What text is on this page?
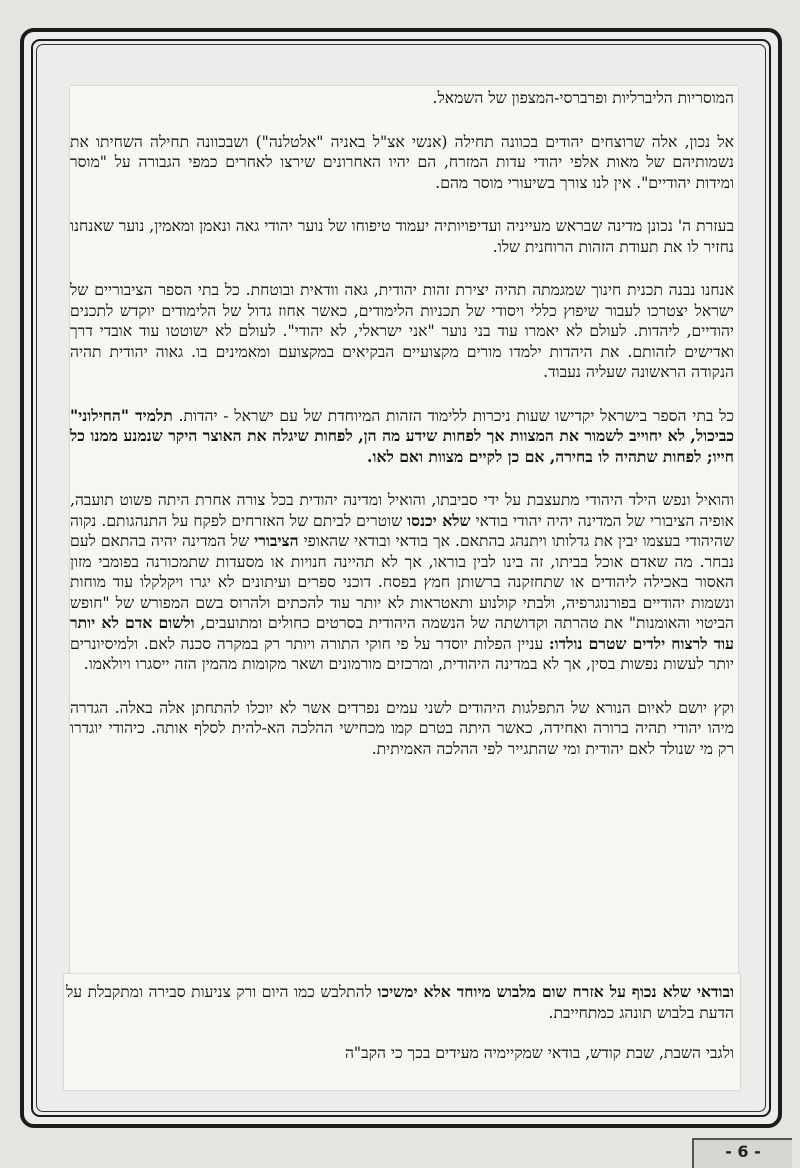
המוסריות הליברליות ופרברסי-המצפון של השמאל.

אל נכון, אלה שרוצחים יהודים בכוונה תחילה (אנשי אצ"ל באניה "אלטלנה") ושבכוונה תחילה השחיתו את נשמותיהם של מאות אלפי יהודי עדות המזרח, הם יהיו האחרונים שירצו לאחרים כמפי הגבורה על "מוסר ומידות יהודיים". אין לנו צורך בשיעורי מוסר מהם.

בעזרת ה' נכונן מדינה שבראש מעייניה ועדיפויותיה יעמוד טיפוחו של נוער יהודי גאה ונאמן ומאמין, נוער שאנחנו נחזיר לו את תעודת הזהות הרוחנית שלו.

אנחנו נבנה תכנית חינוך שמגמתה תהיה יצירת זהות יהודית, גאה וודאית ובוטחת. כל בתי הספר הציבוריים של ישראל יצטרכו לעבור שיפוץ כללי ויסודי של תכניות הלימודים, כאשר אחוז גדול של הלימודים יוקדש לתכנים יהודיים, ליהדות. לעולם לא יאמרו עוד בני נוער "אני ישראלי, לא יהודי". לעולם לא ישוטטו עוד אובדי דרך ואדישים לזהותם. את היהדות ילמדו מורים מקצועיים הבקיאים במקצועם ומאמינים בו. גאוה יהודית תהיה הנקודה הראשונה שעליה נעבוד.

כל בתי הספר בישראל יקדישו שעות ניכרות ללימוד הזהות המיוחדת של עם ישראל - יהדות. תלמיד "החילוני" כביכול, לא יחוייב לשמור את המצוות אך לפחות שידע מה הן, לפחות שיגלה את האוצר היקר שנמנע ממנו כל חייו; לפחות שתהיה לו בחירה, אם כן לקיים מצוות ואם לאו.

והואיל ונפש הילד היהודי מתעצבת על ידי סביבתו, והואיל ומדינה יהודית בכל צורה אחרת היתה פשוט תועבה, אופיה הציבורי של המדינה יהיה יהודי בודאי שלא יכנסו שוטרים לביתם של האזרחים לפקח על התנהגותם. נקוה שהיהודי בעצמו יבין את גדלותו ויתנהג בהתאם. אך בודאי ובודאי שהאופי הציבורי של המדינה יהיה בהתאם לעם נבחר. מה שאדם אוכל בביתו, זה בינו לבין בוראו, אך לא תהיינה חנויות או מסעדות שתמכורנה בפומבי מזון האסור באכילה ליהודים או שתחזקנה ברשותן חמץ בפסח. דוכני ספרים ועיתונים לא יגרו ויקלקלו עוד מוחות ונשמות יהודיים בפורנוגרפיה, ולבתי קולנוע ותאטראות לא יותר עוד להכתים ולהרוס בשם המפורש של "חופש הביטוי והאומנות" את טהרתה וקדושתה של הנשמה היהודית בסרטים כחולים ומתועבים, ולשום אדם לא יותר עוד לרצוח ילדים שטרם נולדו: עניין הפלות יוסדר על פי חוקי התורה ויותר רק במקרה סכנה לאם. ולמיסיונרים יותר לעשות נפשות בסין, אך לא במדינה היהודית, ומרכזים מורמונים ושאר מקומות מהמין הזה ייסגרו ויולאמו.

וקץ יושם לאיום הנורא של התפלגות היהודים לשני עמים נפרדים אשר לא יוכלו להתחתן אלה באלה. הגדרה מיהו יהודי תהיה ברורה ואחידה, כאשר היתה בטרם קמו מכחישי ההלכה הא-להית לסלף אותה. כיהודי יוגדרו רק מי שנולד לאם יהודית ומי שהתגייר לפי ההלכה האמיתית.

ובודאי שלא נכוף על אזרח שום מלבוש מיוחד אלא ימשיכו להתלבש כמו היום ורק צניעות סבירה ומתקבלת על הדעת בלבוש תונהג כמתחייבת.

ולגבי השבת, שבת קודש, בודאי שמקיימיה מעידים בכך כי הקב"ה

- 6 -
